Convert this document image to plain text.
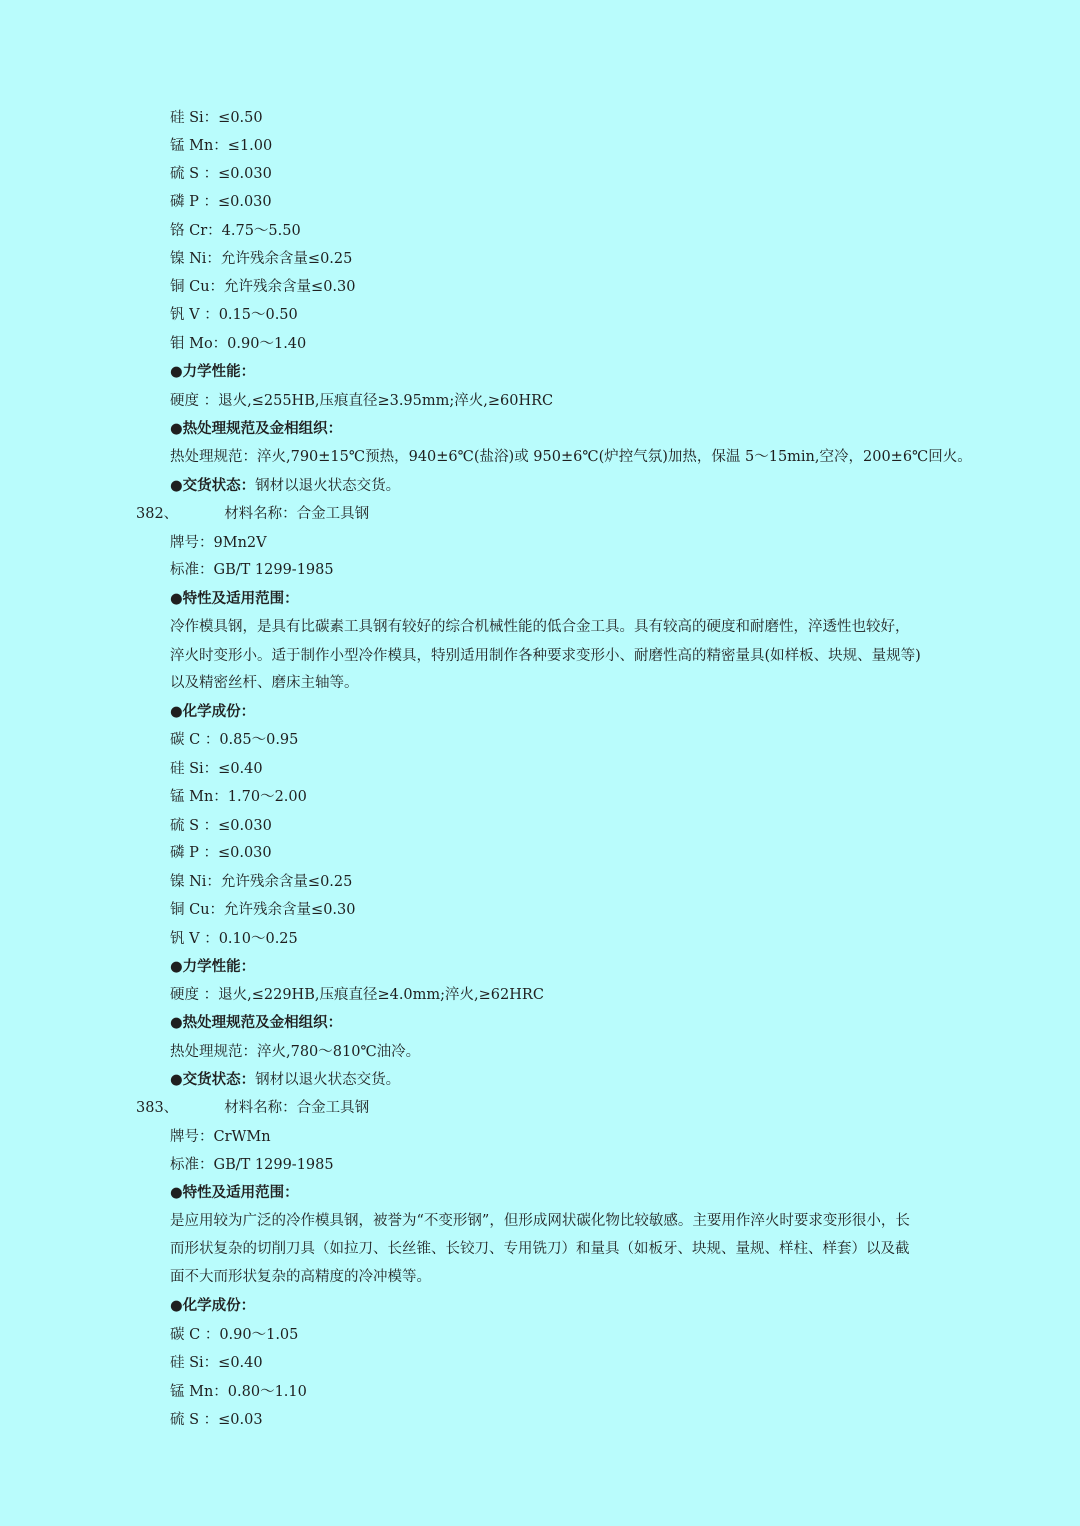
硅 Si：≤0.50
锰 Mn：≤1.00
硫 S ：≤0.030
磷 P ：≤0.030
铬 Cr：4.75～5.50
镍 Ni：允许残余含量≤0.25
铜 Cu：允许残余含量≤0.30
钒 V ：0.15～0.50
钼 Mo：0.90～1.40
●力学性能：
硬度 ：退火,≤255HB,压痕直径≥3.95mm;淬火,≥60HRC
●热处理规范及金相组织：
热处理规范：淬火,790±15℃预热，940±6℃(盐浴)或 950±6℃(炉控气氛)加热，保温 5～15min,空冷，200±6℃回火。
●交货状态：钢材以退火状态交货。
382、	材料名称：合金工具钢
牌号：9Mn2V
标准：GB/T 1299-1985
●特性及适用范围：
冷作模具钢，是具有比碳素工具钢有较好的综合机械性能的低合金工具。具有较高的硬度和耐磨性，淬透性也较好，
淬火时变形小。适于制作小型冷作模具，特别适用制作各种要求变形小、耐磨性高的精密量具(如样板、块规、量规等)
以及精密丝杆、磨床主轴等。
●化学成份：
碳 C ：0.85～0.95
硅 Si：≤0.40
锰 Mn：1.70～2.00
硫 S ：≤0.030
磷 P ：≤0.030
镍 Ni：允许残余含量≤0.25
铜 Cu：允许残余含量≤0.30
钒 V ：0.10～0.25
●力学性能：
硬度 ：退火,≤229HB,压痕直径≥4.0mm;淬火,≥62HRC
●热处理规范及金相组织：
热处理规范：淬火,780～810℃油冷。
●交货状态：钢材以退火状态交货。
383、	材料名称：合金工具钢
牌号：CrWMn
标准：GB/T 1299-1985
●特性及适用范围：
是应用较为广泛的冷作模具钢，被誉为“不变形钢”，但形成网状碳化物比较敏感。主要用作淬火时要求变形很小，长
而形状复杂的切削刀具（如拉刀、长丝锥、长铰刀、专用铣刀）和量具（如板牙、块规、量规、样柱、样套）以及截
面不大而形状复杂的高精度的冷冲模等。
●化学成份：
碳 C ：0.90～1.05
硅 Si：≤0.40
锰 Mn：0.80～1.10
硫 S ：≤0.03
